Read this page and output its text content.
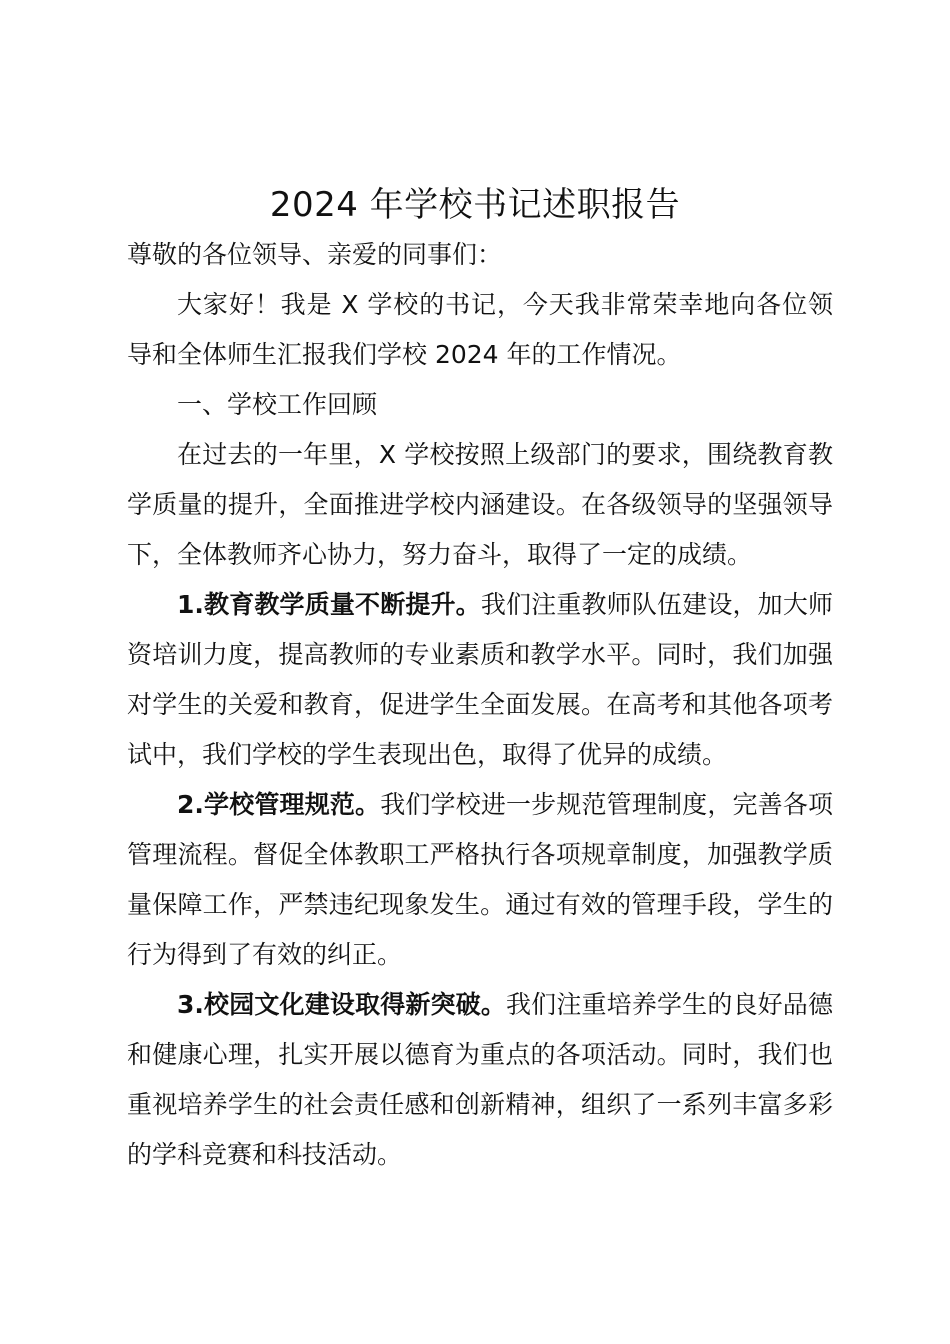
2024 年学校书记述职报告

尊敬的各位领导、亲爱的同事们：

大家好！我是 X 学校的书记，今天我非常荣幸地向各位领导和全体师生汇报我们学校 2024 年的工作情况。

一、学校工作回顾

在过去的一年里，X 学校按照上级部门的要求，围绕教育教学质量的提升，全面推进学校内涵建设。在各级领导的坚强领导下，全体教师齐心协力，努力奋斗，取得了一定的成绩。

1.教育教学质量不断提升。我们注重教师队伍建设，加大师资培训力度，提高教师的专业素质和教学水平。同时，我们加强对学生的关爱和教育，促进学生全面发展。在高考和其他各项考试中，我们学校的学生表现出色，取得了优异的成绩。

2.学校管理规范。我们学校进一步规范管理制度，完善各项管理流程。督促全体教职工严格执行各项规章制度，加强教学质量保障工作，严禁违纪现象发生。通过有效的管理手段，学生的行为得到了有效的纠正。

3.校园文化建设取得新突破。我们注重培养学生的良好品德和健康心理，扎实开展以德育为重点的各项活动。同时，我们也重视培养学生的社会责任感和创新精神，组织了一系列丰富多彩的学科竞赛和科技活动。
